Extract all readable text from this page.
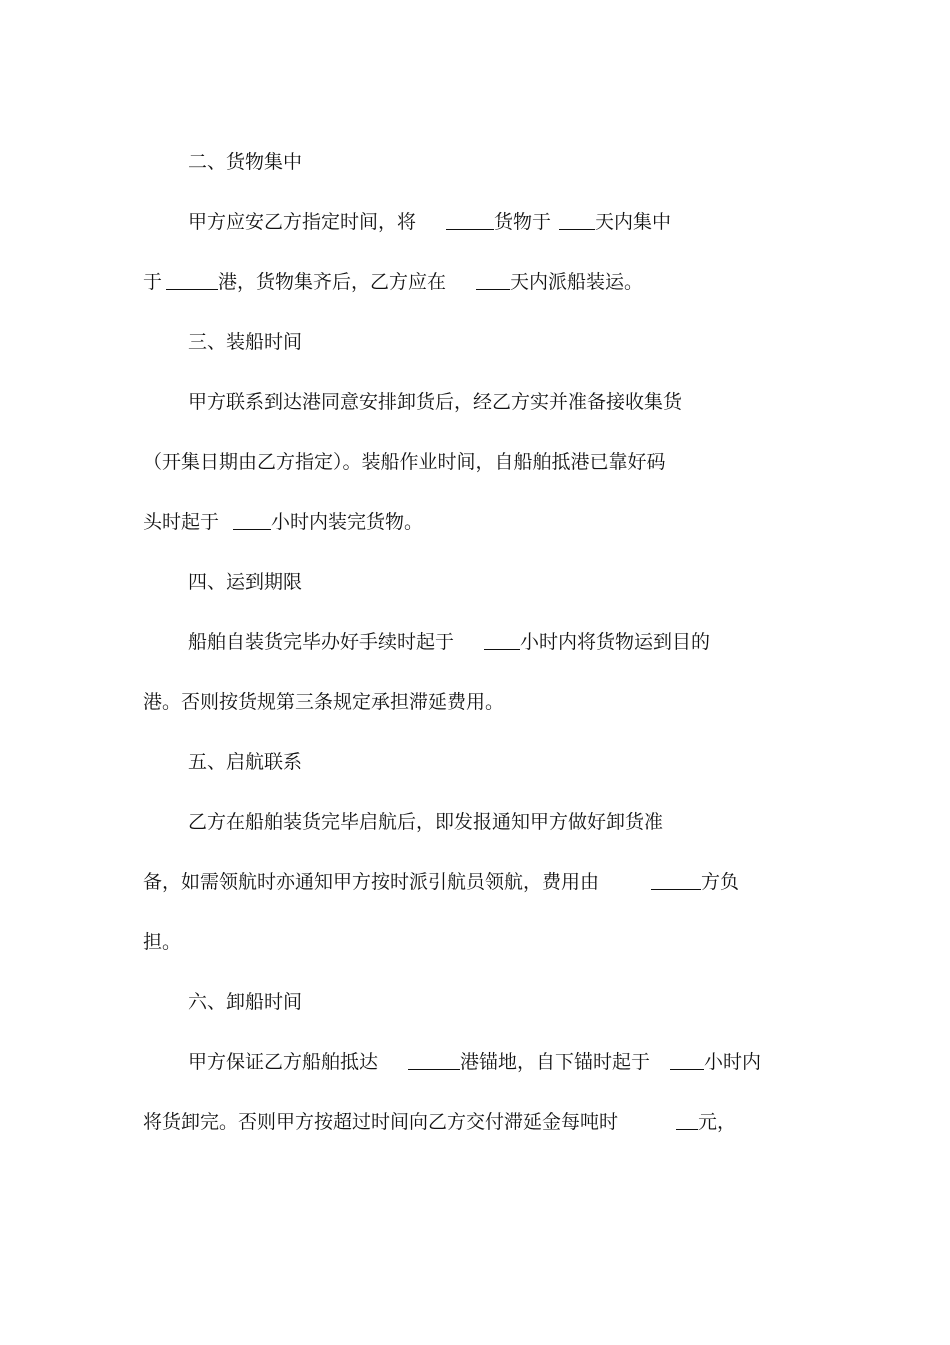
二、货物集中
甲方应安乙方指定时间，将	货物于 天内集中
于	港，货物集齐后，乙方应在	天内派船装运。
三、装船时间
甲方联系到达港同意安排卸货后，经乙方实并准备接收集货
（开集日期由乙方指定）。装船作业时间，自船舶抵港已靠好码
头时起于	小时内装完货物。
四、运到期限
船舶自装货完毕办好手续时起于	小时内将货物运到目的
港。否则按货规第三条规定承担滞延费用。
五、启航联系
乙方在船舶装货完毕启航后，即发报通知甲方做好卸货准
备，如需领航时亦通知甲方按时派引航员领航，费用由	方负
担。
六、卸船时间
甲方保证乙方船舶抵达	港锚地，自下锚时起于	小时内
将货卸完。否则甲方按超过时间向乙方交付滞延金每吨时	元，
